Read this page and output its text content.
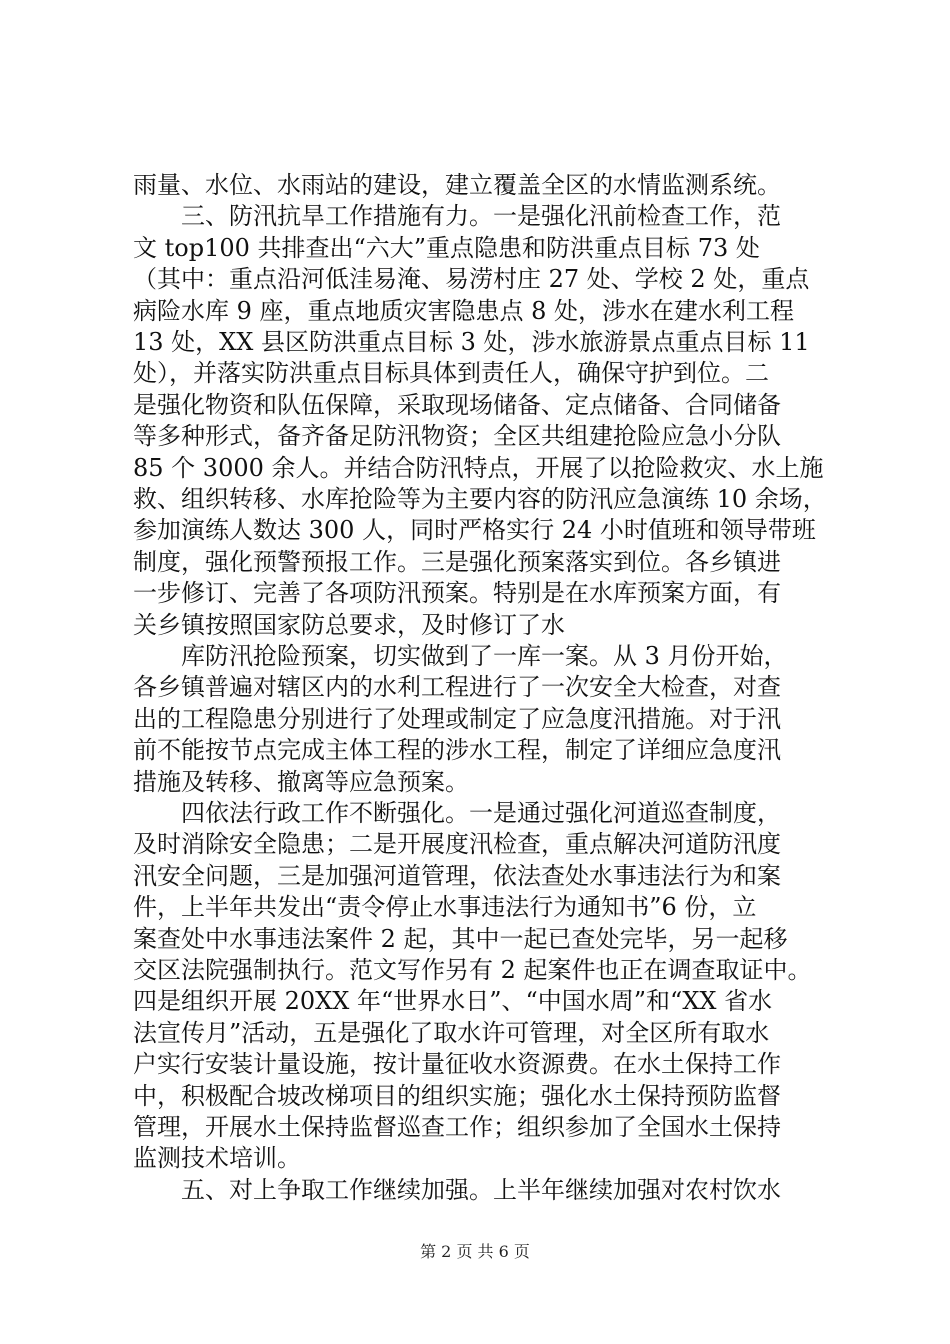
雨量、水位、水雨站的建设，建立覆盖全区的水情监测系统。
　　三、防汛抗旱工作措施有力。一是强化汛前检查工作，范
文 top100 共排查出“六大”重点隐患和防洪重点目标 73 处
（其中：重点沿河低洼易淹、易涝村庄 27 处、学校 2 处，重点
病险水库 9 座，重点地质灾害隐患点 8 处，涉水在建水利工程
13 处，XX 县区防洪重点目标 3 处，涉水旅游景点重点目标 11
处），并落实防洪重点目标具体到责任人，确保守护到位。二
是强化物资和队伍保障，采取现场储备、定点储备、合同储备
等多种形式，备齐备足防汛物资；全区共组建抢险应急小分队
85 个 3000 余人。并结合防汛特点，开展了以抢险救灾、水上施
救、组织转移、水库抢险等为主要内容的防汛应急演练 10 余场，
参加演练人数达 300 人，同时严格实行 24 小时值班和领导带班
制度，强化预警预报工作。三是强化预案落实到位。各乡镇进
一步修订、完善了各项防汛预案。特别是在水库预案方面，有
关乡镇按照国家防总要求，及时修订了水
　　库防汛抢险预案，切实做到了一库一案。从 3 月份开始，
各乡镇普遍对辖区内的水利工程进行了一次安全大检查，对查
出的工程隐患分别进行了处理或制定了应急度汛措施。对于汛
前不能按节点完成主体工程的涉水工程，制定了详细应急度汛
措施及转移、撤离等应急预案。
　　四依法行政工作不断强化。一是通过强化河道巡查制度，
及时消除安全隐患；二是开展度汛检查，重点解决河道防汛度
汛安全问题，三是加强河道管理，依法查处水事违法行为和案
件，上半年共发出“责令停止水事违法行为通知书”6 份，立
案查处中水事违法案件 2 起，其中一起已查处完毕，另一起移
交区法院强制执行。范文写作另有 2 起案件也正在调查取证中。
四是组织开展 20XX 年“世界水日”、“中国水周”和“XX 省水
法宣传月”活动，五是强化了取水许可管理，对全区所有取水
户实行安装计量设施，按计量征收水资源费。在水土保持工作
中，积极配合坡改梯项目的组织实施；强化水土保持预防监督
管理，开展水土保持监督巡查工作；组织参加了全国水土保持
监测技术培训。
　　五、对上争取工作继续加强。上半年继续加强对农村饮水
第 2 页 共 6 页
